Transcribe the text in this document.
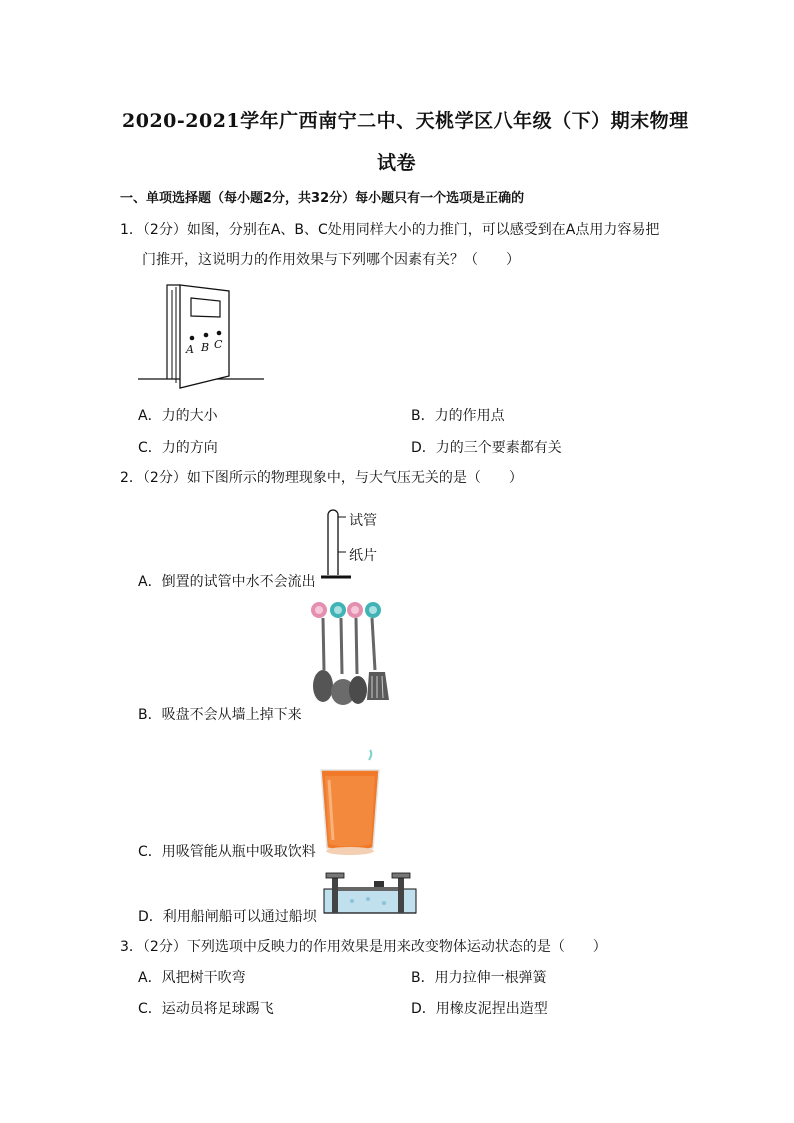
2020-2021学年广西南宁二中、天桃学区八年级（下）期末物理
试卷
一、单项选择题（每小题2分，共32分）每小题只有一个选项是正确的
1．（2分）如图，分别在A、B、C处用同样大小的力推门，可以感受到在A点用力容易把
门推开，这说明力的作用效果与下列哪个因素有关？（　　）
A B C
A．力的大小	B．力的作用点
C．力的方向	D．力的三个要素都有关
2．（2分）如下图所示的物理现象中，与大气压无关的是（　　）
试管
纸片
A．倒置的试管中水不会流出
B．吸盘不会从墙上掉下来
C．用吸管能从瓶中吸取饮料
D．利用船闸船可以通过船坝
3．（2分）下列选项中反映力的作用效果是用来改变物体运动状态的是（　　）
A．风把树干吹弯	B．用力拉伸一根弹簧
C．运动员将足球踢飞	D．用橡皮泥捏出造型
